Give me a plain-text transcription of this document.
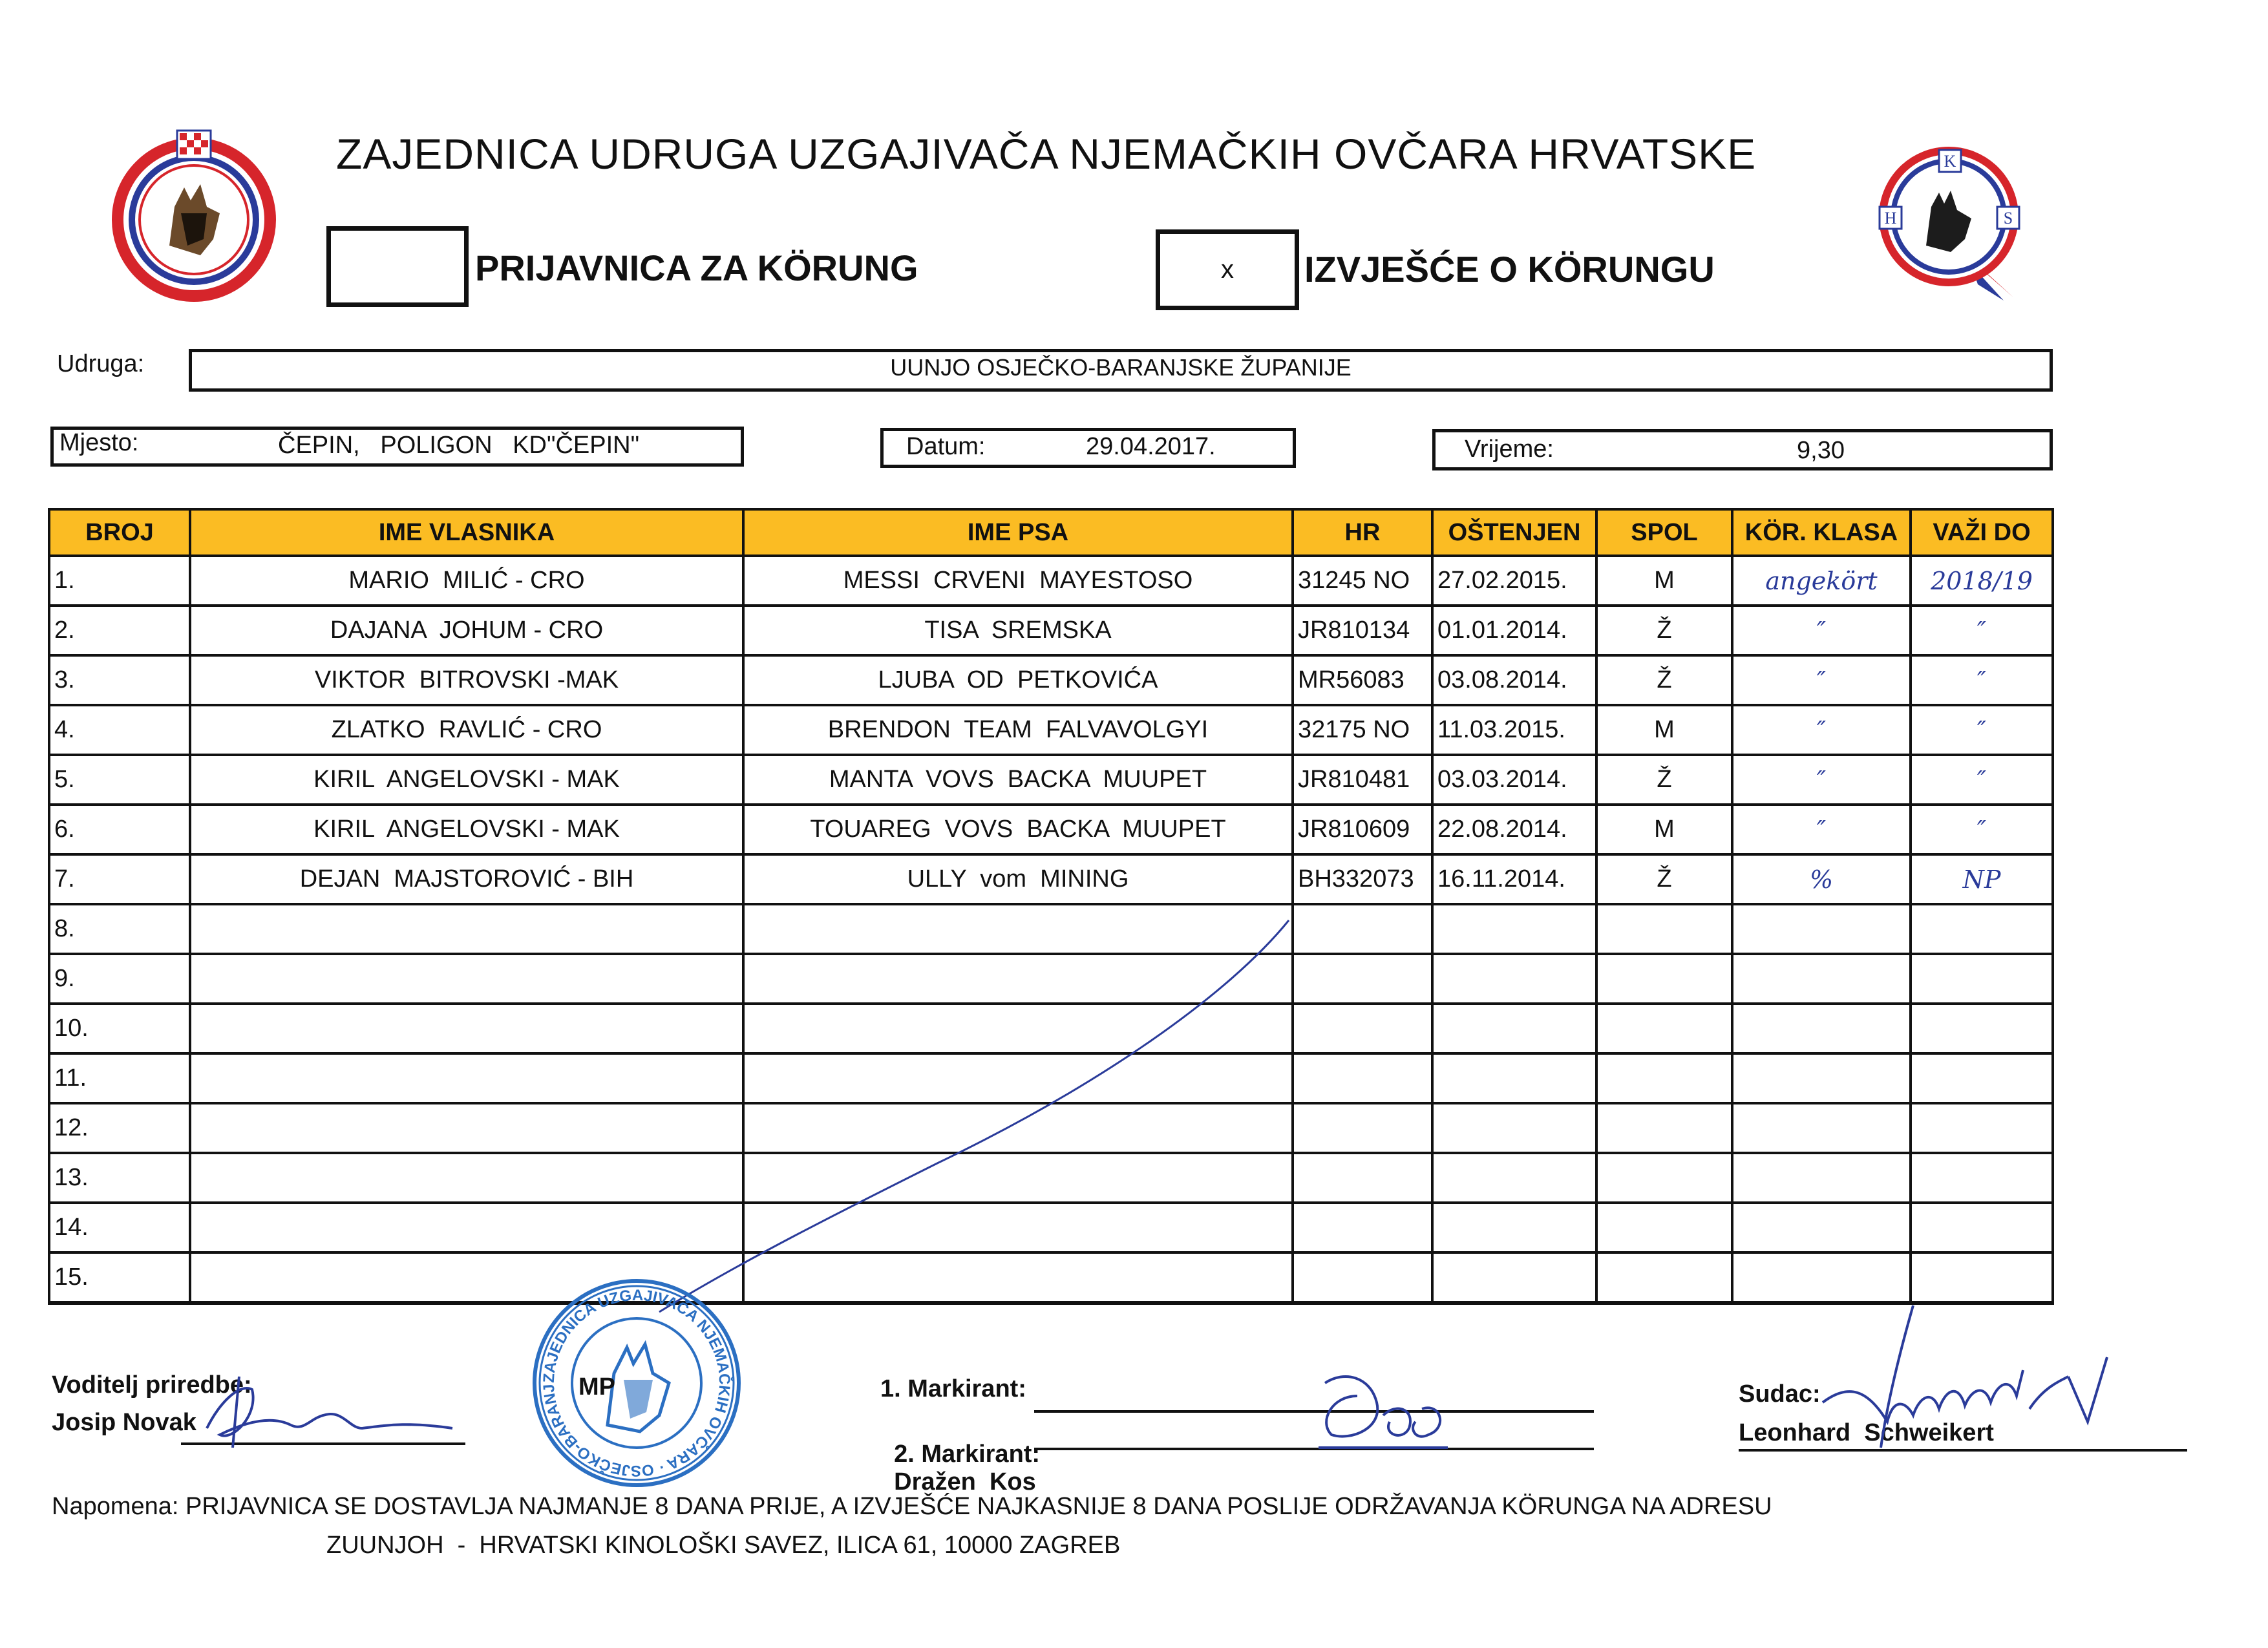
K
H	S
ZAJEDNICA UDRUGA UZGAJIVAČA NJEMAČKIH OVČARA HRVATSKE
PRIJAVNICA ZA KÖRUNG	x IZVJEŠĆE O KÖRUNGU
Udruga:	UUNJO OSJEČKO-BARANJSKE ŽUPANIJE
Mjesto:	ČEPIN,   POLIGON   KD"ČEPIN"	Datum:	29.04.2017.	Vrijeme:	9,30
BROJ	IME VLASNIKA	IME PSA	HR	OŠTENJEN	SPOL	KÖR. KLASA	VAŽI DO
1.	MARIO  MILIĆ - CRO	MESSI  CRVENI  MAYESTOSO	31245 NO	27.02.2015.	M	angekört	2018/19
2.	DAJANA  JOHUM - CRO	TISA  SREMSKA	JR810134	01.01.2014.	Ž	″	″
3.	VIKTOR  BITROVSKI -MAK	LJUBA  OD  PETKOVIĆA	MR56083	03.08.2014.	Ž	″	″
4.	ZLATKO  RAVLIĆ - CRO	BRENDON  TEAM  FALVAVOLGYI	32175 NO	11.03.2015.	M	″	″
5.	KIRIL  ANGELOVSKI - MAK	MANTA  VOVS  BACKA  MUUPET	JR810481	03.03.2014.	Ž	″	″
6.	KIRIL  ANGELOVSKI - MAK	TOUAREG  VOVS  BACKA  MUUPET	JR810609	22.08.2014.	M	″	″
7.	DEJAN  MAJSTOROVIĆ - BIH	ULLY  vom  MINING	BH332073	16.11.2014.	Ž	%	NP
8.							
9.							
10.							
11.							
12.							
13.							
14.							
15.							
Voditelj priredbe:
Josip Novak
ZAJEDNICA UZGAJIVAČA NJEMAČKIH OVČARA · OSJEČKO-BARANJ MP	1. Markirant:

2. Markirant:
Dražen  Kos

Sudac:
Leonhard  Schweikert
Napomena: PRIJAVNICA SE DOSTAVLJA NAJMANJE 8 DANA PRIJE, A IZVJEŠĆE NAJKASNIJE 8 DANA POSLIJE ODRŽAVANJA KÖRUNGA NA ADRESU
ZUUNJOH  -  HRVATSKI KINOLOŠKI SAVEZ, ILICA 61, 10000 ZAGREB
